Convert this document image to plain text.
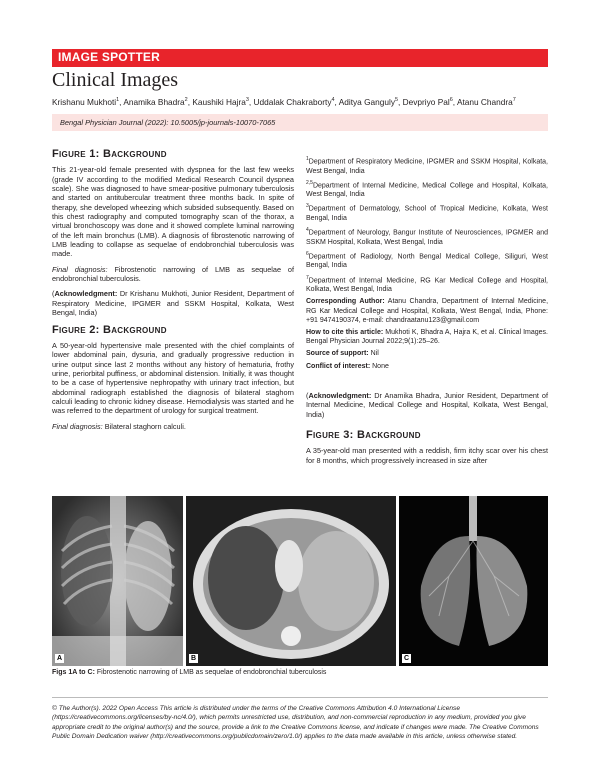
IMAGE SPOTTER
Clinical Images
Krishanu Mukhoti$^1$, Anamika Bhadra$^2$, Kaushiki Hajra$^3$, Uddalak Chakraborty$^4$, Aditya Ganguly$^5$, Devpriyo Pal$^6$, Atanu Chandra$^7$
Bengal Physician Journal (2022): 10.5005/jp-journals-10070-7065
Figure 1: Background

This 21-year-old female presented with dyspnea for the last few weeks (grade IV according to the modified Medical Research Council dyspnea scale). She was diagnosed to have smear-positive pulmonary tuberculosis and started on antitubercular treatment three months back. In spite of therapy, she developed wheezing which subsided subsequently. Based on this chest radiography and computed tomography scan of the thorax, a virtual bronchoscopy was done and it showed complete luminal narrowing of the left main bronchus (LMB). A diagnosis of fibrostenotic narrowing of LMB leading to collapse as sequelae of endobronchial tuberculosis was made.

Final diagnosis: Fibrostenotic narrowing of LMB as sequelae of endobronchial tuberculosis.

(Acknowledgment: Dr Krishanu Mukhoti, Junior Resident, Department of Respiratory Medicine, IPGMER and SSKM Hospital, Kolkata, West Bengal, India)

Figure 2: Background

A 50-year-old hypertensive male presented with the chief complaints of lower abdominal pain, dysuria, and gradually progressive reduction in urine output since last 2 months without any history of hematuria, frothy urine, periorbital puffiness, or abdominal distension. Initially, it was thought to be a case of hypertensive nephropathy with urinary tract infection, but abdominal radiograph established the diagnosis of bilateral staghorn calculi leading to chronic kidney disease. Hemodialysis was started and he was referred to the department of urology for surgical treatment.

Final diagnosis: Bilateral staghorn calculi.

$^1$Department of Respiratory Medicine, IPGMER and SSKM Hospital, Kolkata, West Bengal, India
$^{2,5}$Department of Internal Medicine, Medical College and Hospital, Kolkata, West Bengal, India
$^3$Department of Dermatology, School of Tropical Medicine, Kolkata, West Bengal, India
$^4$Department of Neurology, Bangur Institute of Neurosciences, IPGMER and SSKM Hospital, Kolkata, West Bengal, India
$^6$Department of Radiology, North Bengal Medical College, Siliguri, West Bengal, India
$^7$Department of Internal Medicine, RG Kar Medical College and Hospital, Kolkata, West Bengal, India
Corresponding Author: Atanu Chandra, Department of Internal Medicine, RG Kar Medical College and Hospital, Kolkata, West Bengal, India, Phone: +91 9474190374, e-mail: chandraatanu123@gmail.com
How to cite this article: Mukhoti K, Bhadra A, Hajra K, et al. Clinical Images. Bengal Physician Journal 2022;9(1):25–26.
Source of support: Nil
Conflict of interest: None

(Acknowledgment: Dr Anamika Bhadra, Junior Resident, Department of Internal Medicine, Medical College and Hospital, Kolkata, West Bengal, India)

Figure 3: Background

A 35-year-old man presented with a reddish, firm itchy scar over his chest for 8 months, which progressively increased in size after

A	B	C
Figs 1A to C: Fibrostenotic narrowing of LMB as sequelae of endobronchial tuberculosis
© The Author(s). 2022 Open Access This article is distributed under the terms of the Creative Commons Attribution 4.0 International License (https://creativecommons.org/licenses/by-nc/4.0/), which permits unrestricted use, distribution, and non-commercial reproduction in any medium, provided you give appropriate credit to the original author(s) and the source, provide a link to the Creative Commons license, and indicate if changes were made. The Creative Commons Public Domain Dedication waiver (http://creativecommons.org/publicdomain/zero/1.0/) applies to the data made available in this article, unless otherwise stated.
